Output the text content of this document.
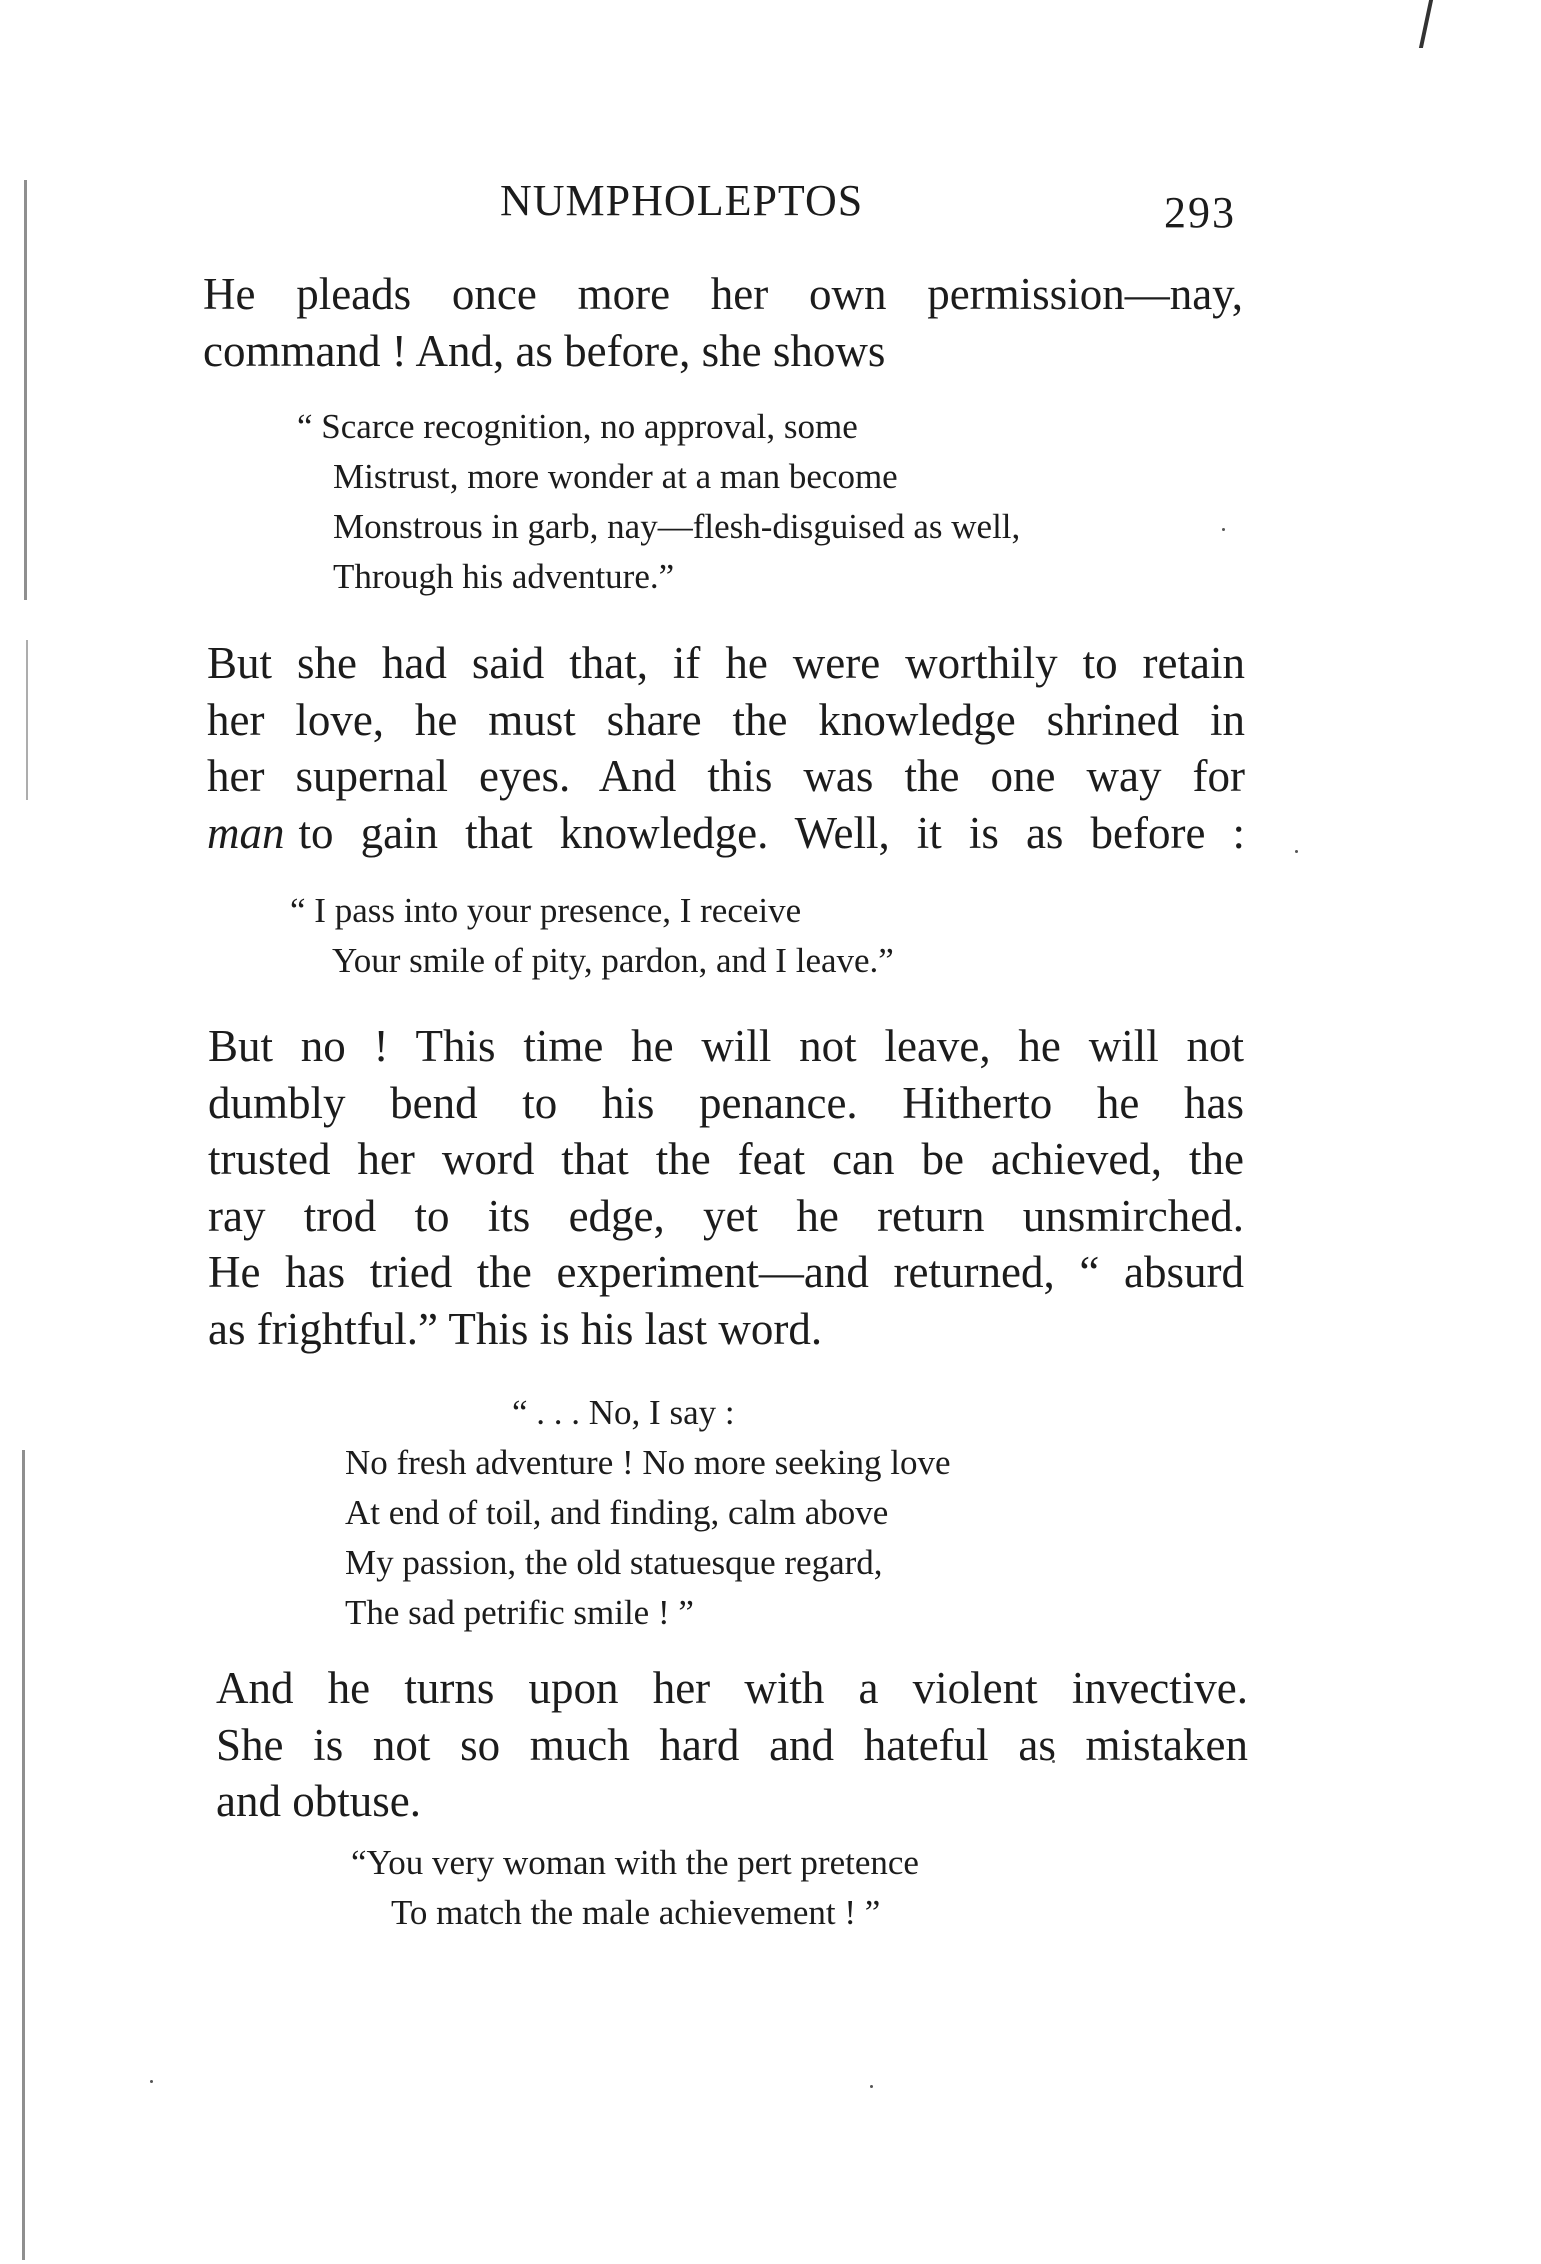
NUMPHOLEPTOS	293
He pleads once more her own permission—nay,
command ! And, as before, she shows
“ Scarce recognition, no approval, some
Mistrust, more wonder at a man become
Monstrous in garb, nay—flesh-disguised as well,
Through his adventure.”
But she had said that, if he were worthily to retain
her love, he must share the knowledge shrined in
her supernal eyes. And this was the one way for
man to gain that knowledge. Well, it is as before :
“ I pass into your presence, I receive
Your smile of pity, pardon, and I leave.”
But no ! This time he will not leave, he will not
dumbly bend to his penance. Hitherto he has
trusted her word that the feat can be achieved, the
ray trod to its edge, yet he return unsmirched.
He has tried the experiment—and returned, “ absurd
as frightful.” This is his last word.
“ . . . No, I say :
No fresh adventure ! No more seeking love
At end of toil, and finding, calm above
My passion, the old statuesque regard,
The sad petrific smile ! ”
And he turns upon her with a violent invective.
She is not so much hard and hateful as mistaken
and obtuse.
“You very woman with the pert pretence
To match the male achievement ! ”
